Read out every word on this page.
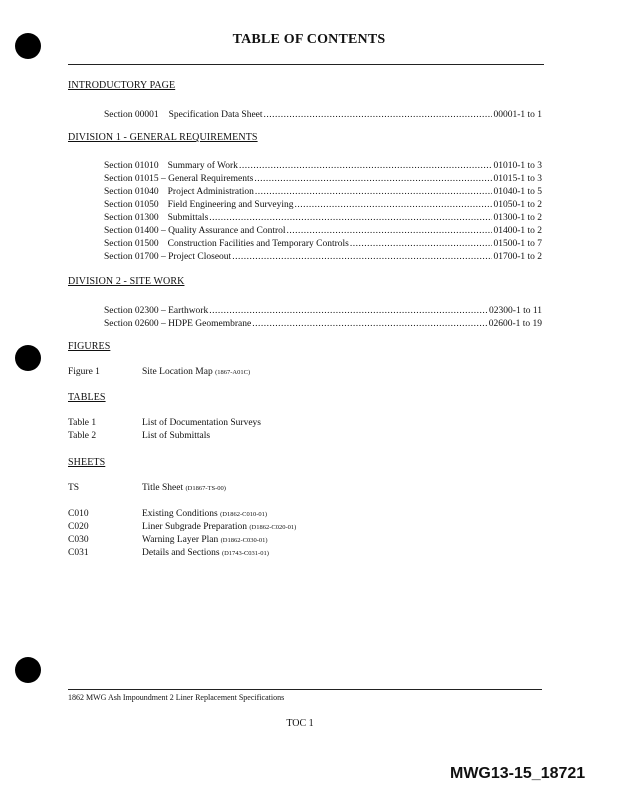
TABLE OF CONTENTS
INTRODUCTORY PAGE
Section 00001 Specification Data Sheet .....	00001-1 to 1
DIVISION 1 - GENERAL REQUIREMENTS
Section 01010 Summary of Work .....	01010-1 to 3
Section 01015 – General Requirements .....	01015-1 to 3
Section 01040 Project Administration .....	01040-1 to 5
Section 01050 Field Engineering and Surveying .....	01050-1 to 2
Section 01300 Submittals .....	01300-1 to 2
Section 01400 – Quality Assurance and Control .....	01400-1 to 2
Section 01500 Construction Facilities and Temporary Controls .....	01500-1 to 7
Section 01700 – Project Closeout .....	01700-1 to 2
DIVISION 2 - SITE WORK
Section 02300 – Earthwork .....	02300-1 to 11
Section 02600 – HDPE Geomembrane .....	02600-1 to 19
FIGURES
Figure 1	Site Location Map (1867-A01C)
TABLES
Table 1	List of Documentation Surveys
Table 2	List of Submittals
SHEETS
TS	Title Sheet (D1867-TS-00)
C010	Existing Conditions (D1862-C010-01)
C020	Liner Subgrade Preparation (D1862-C020-01)
C030	Warning Layer Plan (D1862-C030-01)
C031	Details and Sections (D1743-C031-01)
1862 MWG Ash Impoundment 2 Liner Replacement Specifications
TOC 1
MWG13-15_18721
